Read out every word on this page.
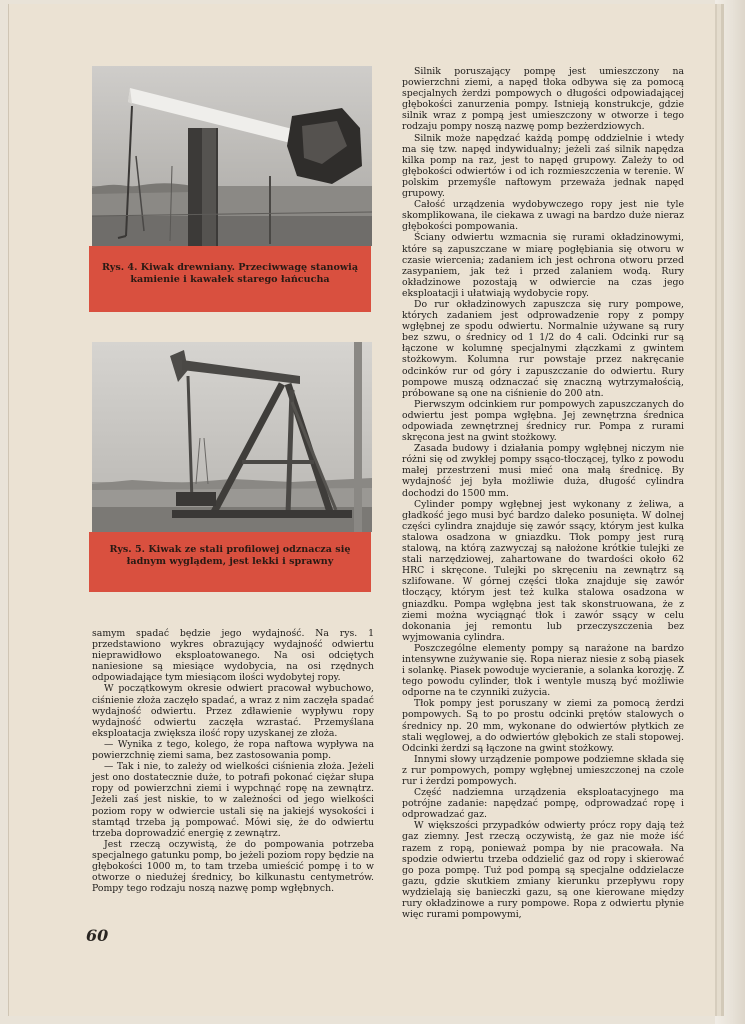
Rys. 4. Kiwak drewniany. Przeciwwagę stanowią kamienie i kawałek starego łańcucha
Rys. 5. Kiwak ze stali profilowej odznacza się ładnym wyglądem, jest lekki i sprawny

Silnik poruszający pompę jest umieszczony na powierzchni ziemi, a napęd tłoka odbywa się za pomocą specjalnych żerdzi pompowych o długości odpowiadającej głębokości zanurzenia pompy. Istnieją konstrukcje, gdzie silnik wraz z pompą jest umieszczony w otworze i tego rodzaju pompy noszą nazwę pomp bezżerdziowych.

Silnik może napędzać każdą pompę oddzielnie i wtedy ma się tzw. napęd indywidualny; jeżeli zaś silnik napędza kilka pomp na raz, jest to napęd grupowy. Zależy to od głębokości odwiertów i od ich rozmieszczenia w terenie. W polskim przemyśle naftowym przeważa jednak napęd grupowy.

Całość urządzenia wydobywczego ropy jest nie tyle skomplikowana, ile ciekawa z uwagi na bardzo duże nieraz głębokości pompowania.

Ściany odwiertu wzmacnia się rurami okładzinowymi, które są zapuszczane w miarę pogłębiania się otworu w czasie wiercenia; zadaniem ich jest ochrona otworu przed zasypaniem, jak też i przed zalaniem wodą. Rury okładzinowe pozostają w odwiercie na czas jego eksploatacji i ułatwiają wydobycie ropy.

Do rur okładzinowych zapuszcza się rury pompowe, których zadaniem jest odprowadzenie ropy z pompy wgłębnej ze spodu odwiertu. Normalnie używane są rury bez szwu, o średnicy od 1 1/2 do 4 cali. Odcinki rur są łączone w kolumnę specjalnymi złączkami z gwintem stożkowym. Kolumna rur powstaje przez nakręcanie odcinków rur od góry i zapuszczanie do odwiertu. Rury pompowe muszą odznaczać się znaczną wytrzymałością, próbowane są one na ciśnienie do 200 atn.

Pierwszym odcinkiem rur pompowych zapuszczanych do odwiertu jest pompa wgłębna. Jej zewnętrzna średnica odpowiada zewnętrznej średnicy rur. Pompa z rurami skręcona jest na gwint stożkowy.

Zasada budowy i działania pompy wgłębnej niczym nie różni się od zwykłej pompy ssąco-tłoczącej, tylko z powodu małej przestrzeni musi mieć ona małą średnicę. By wydajność jej była możliwie duża, długość cylindra dochodzi do 1500 mm.

Cylinder pompy wgłębnej jest wykonany z żeliwa, a gładkość jego musi być bardzo daleko posunięta. W dolnej części cylindra znajduje się zawór ssący, którym jest kulka stalowa osadzona w gniazdku. Tłok pompy jest rurą stalową, na którą zazwyczaj są nałożone krótkie tulejki ze stali narzędziowej, zahartowane do twardości około 62 HRC i skręcone. Tulejki po skręceniu na zewnątrz są szlifowane. W górnej części tłoka znajduje się zawór tłoczący, którym jest też kulka stalowa osadzona w gniazdku. Pompa wgłębna jest tak skonstruowana, że z ziemi można wyciągnąć tłok i zawór ssący w celu dokonania jej remontu lub przeczyszczenia bez wyjmowania cylindra.

Poszczególne elementy pompy są narażone na bardzo intensywne zużywanie się. Ropa nieraz niesie z sobą piasek i solankę. Piasek powoduje wycieranie, a solanka korozję. Z tego powodu cylinder, tłok i wentyle muszą być możliwie odporne na te czynniki zużycia.

Tłok pompy jest poruszany w ziemi za pomocą żerdzi pompowych. Są to po prostu odcinki prętów stalowych o średnicy np. 20 mm, wykonane do odwiertów płytkich ze stali węglowej, a do odwiertów głębokich ze stali stopowej. Odcinki żerdzi są łączone na gwint stożkowy.

Innymi słowy urządzenie pompowe podziemne składa się z rur pompowych, pompy wgłębnej umieszczonej na czole rur i żerdzi pompowych.

Część nadziemna urządzenia eksploatacyjnego ma potrójne zadanie: napędzać pompę, odprowadzać ropę i odprowadzać gaz.

W większości przypadków odwierty prócz ropy dają też gaz ziemny. Jest rzeczą oczywistą, że gaz nie może iść razem z ropą, ponieważ pompa by nie pracowała. Na spodzie odwiertu trzeba oddzielić gaz od ropy i skierować go poza pompę. Tuż pod pompą są specjalne oddzielacze gazu, gdzie skutkiem zmiany kierunku przepływu ropy wydzielają się banieczki gazu, są one kierowane między rury okładzinowe a rury pompowe. Ropa z odwiertu płynie więc rurami pompowymi,

samym spadać będzie jego wydajność. Na rys. 1 przedstawiono wykres obrazujący wydajność odwiertu nieprawidłowo eksploatowanego. Na osi odciętych naniesione są miesiące wydobycia, na osi rzędnych odpowiadające tym miesiącom ilości wydobytej ropy.

W początkowym okresie odwiert pracował wybuchowo, ciśnienie złoża zaczęło spadać, a wraz z nim zaczęła spadać wydajność odwiertu. Przez zdławienie wypływu ropy wydajność odwiertu zaczęła wzrastać. Przemyślana eksploatacja zwiększa ilość ropy uzyskanej ze złoża.

— Wynika z tego, kolego, że ropa naftowa wypływa na powierzchnię ziemi sama, bez zastosowania pomp.

— Tak i nie, to zależy od wielkości ciśnienia złoża. Jeżeli jest ono dostatecznie duże, to potrafi pokonać ciężar słupa ropy od powierzchni ziemi i wypchnąć ropę na zewnątrz. Jeżeli zaś jest niskie, to w zależności od jego wielkości poziom ropy w odwiercie ustali się na jakiejś wysokości i stamtąd trzeba ją pompować. Mówi się, że do odwiertu trzeba doprowadzić energię z zewnątrz.

Jest rzeczą oczywistą, że do pompowania potrzeba specjalnego gatunku pomp, bo jeżeli poziom ropy będzie na głębokości 1000 m, to tam trzeba umieścić pompę i to w otworze o niedużej średnicy, bo kilkunastu centymetrów. Pompy tego rodzaju noszą nazwę pomp wgłębnych.

60
